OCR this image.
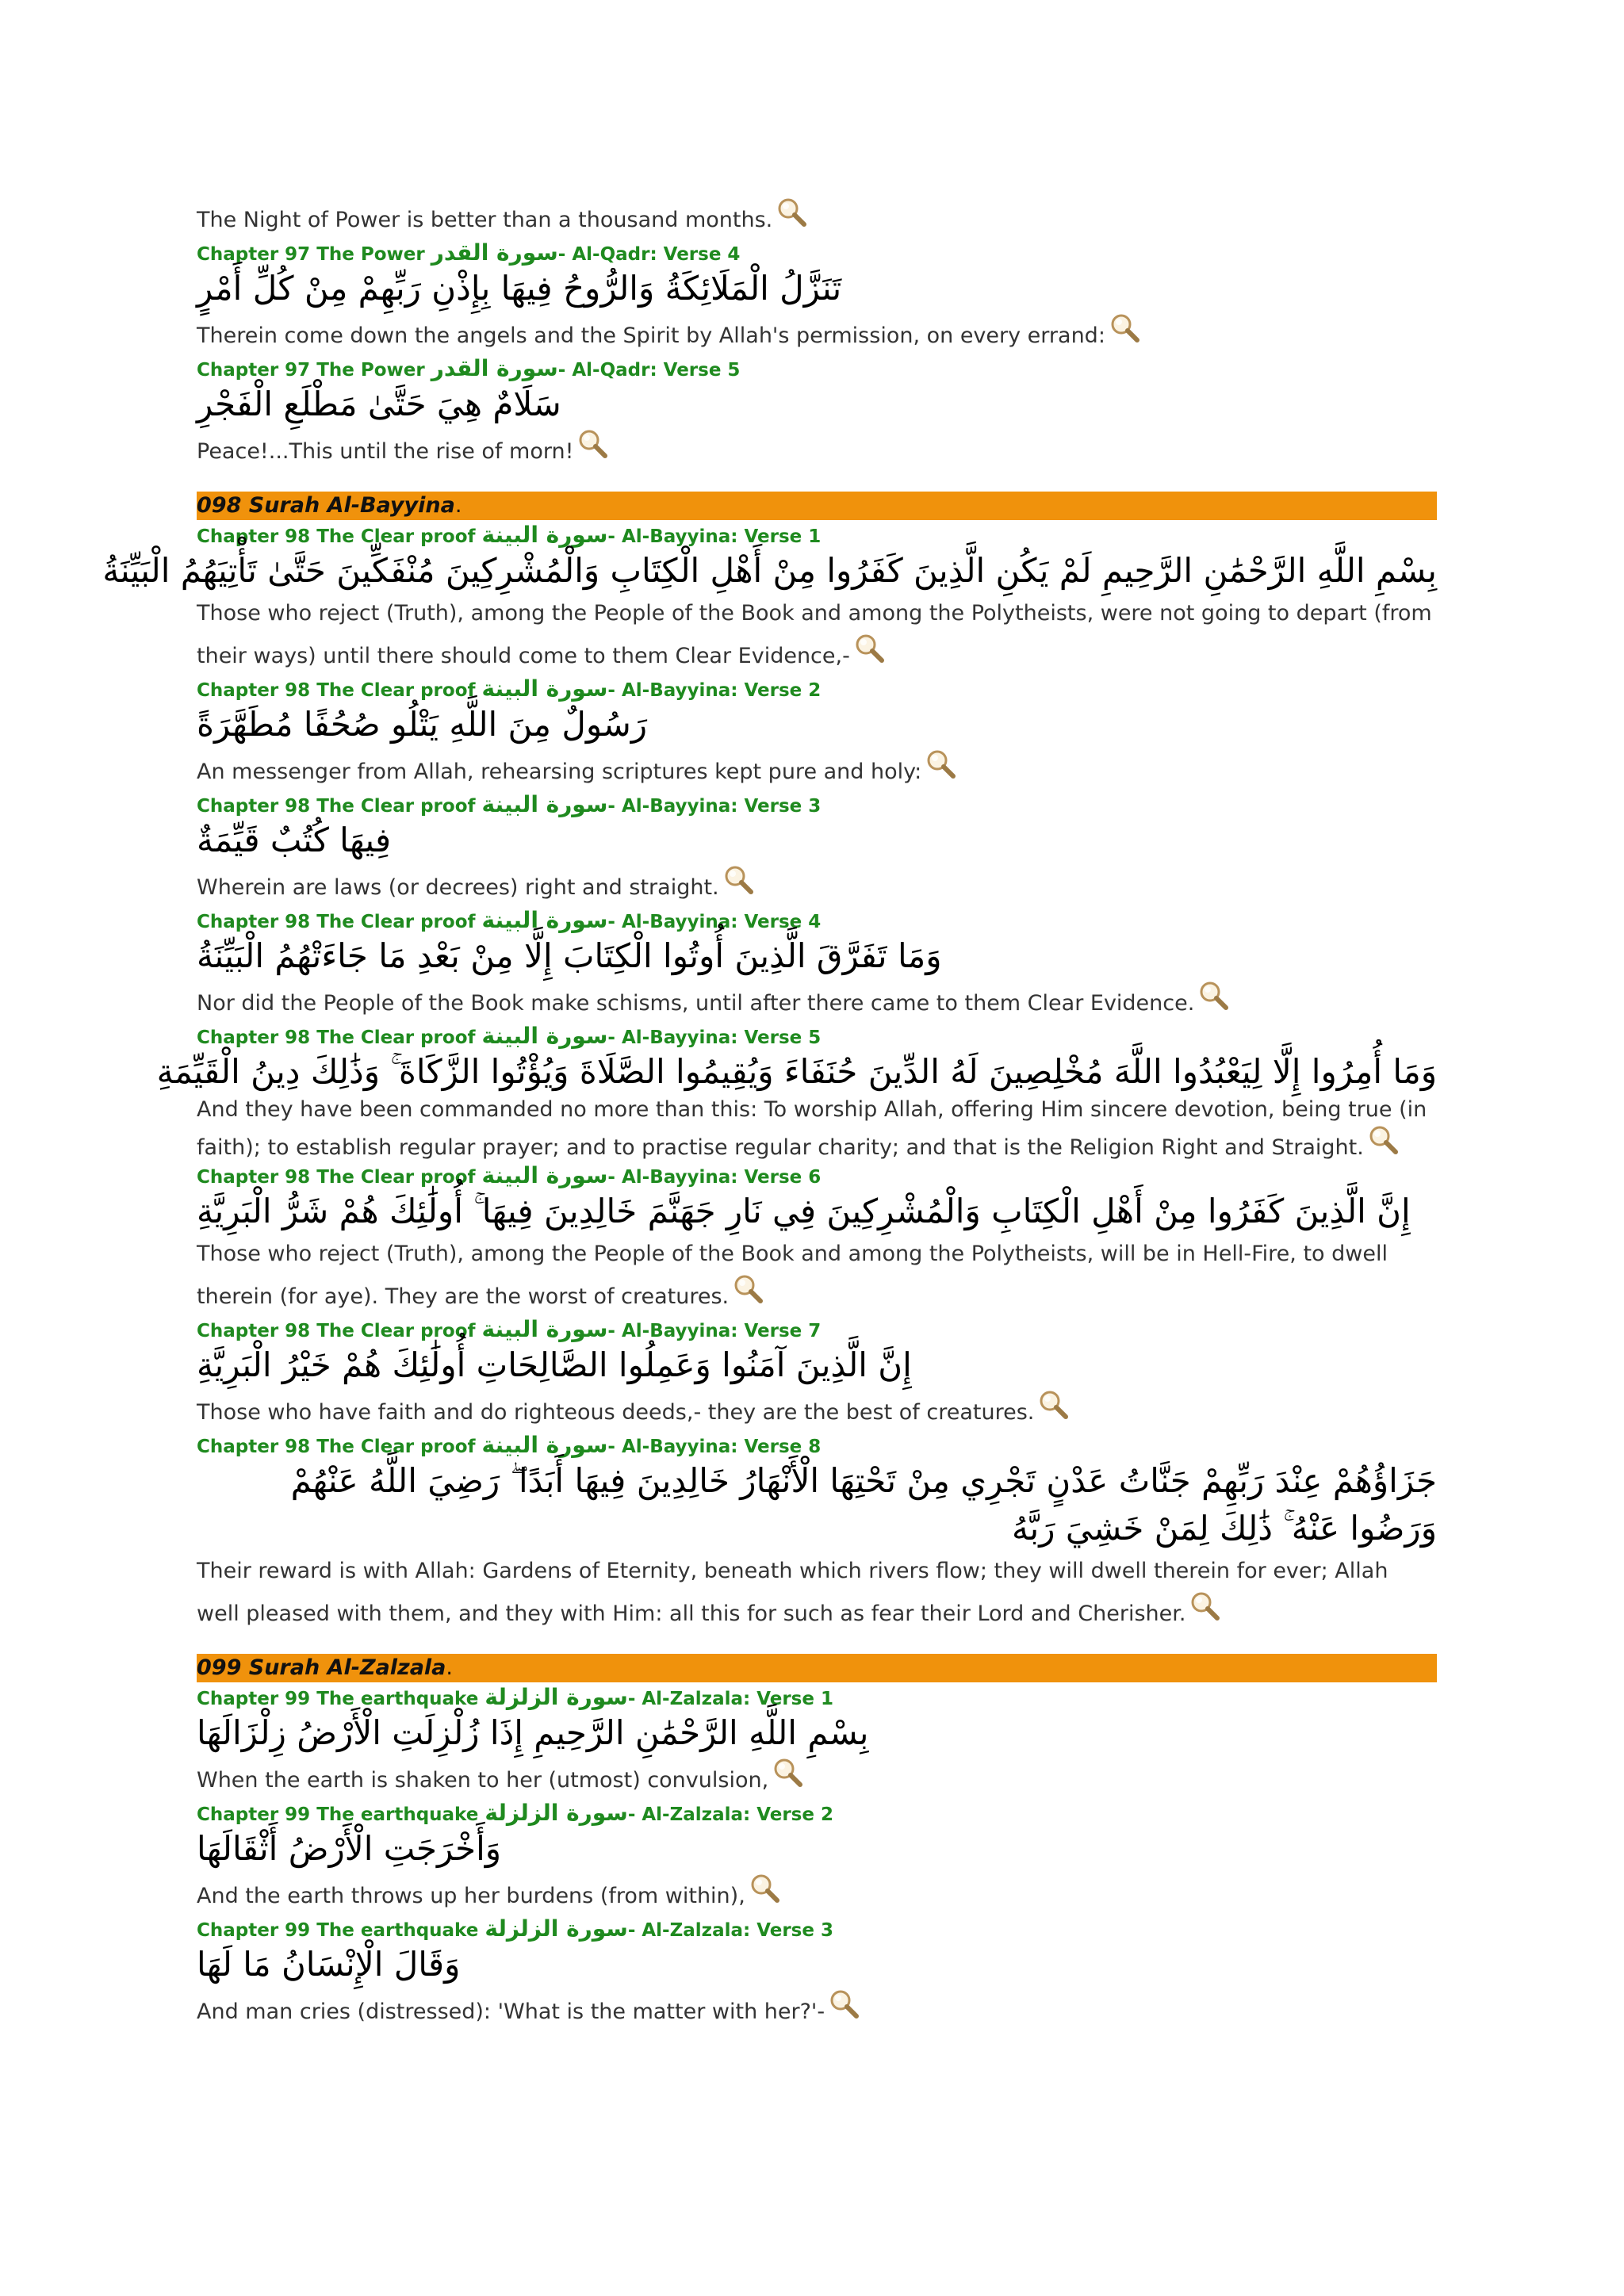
The Night of Power is better than a thousand months.
Chapter 97 The Power سورة القدر- Al-Qadr: Verse 4
تَنَزَّلُ الْمَلَائِكَةُ وَالرُّوحُ فِيهَا بِإِذْنِ رَبِّهِمْ مِنْ كُلِّ أَمْرٍ
Therein come down the angels and the Spirit by Allah's permission, on every errand:
Chapter 97 The Power سورة القدر- Al-Qadr: Verse 5
سَلَامٌ هِيَ حَتَّىٰ مَطْلَعِ الْفَجْرِ
Peace!...This until the rise of morn!
098 Surah Al-Bayyina.
Chapter 98 The Clear proof سورة البينة- Al-Bayyina: Verse 1
بِسْمِ اللَّهِ الرَّحْمَٰنِ الرَّحِيمِ لَمْ يَكُنِ الَّذِينَ كَفَرُوا مِنْ أَهْلِ الْكِتَابِ وَالْمُشْرِكِينَ مُنْفَكِّينَ حَتَّىٰ تَأْتِيَهُمُ الْبَيِّنَةُ
Those who reject (Truth), among the People of the Book and among the Polytheists, were not going to depart (from their ways) until there should come to them Clear Evidence,-
Chapter 98 The Clear proof سورة البينة- Al-Bayyina: Verse 2
رَسُولٌ مِنَ اللَّهِ يَتْلُو صُحُفًا مُطَهَّرَةً
An messenger from Allah, rehearsing scriptures kept pure and holy:
Chapter 98 The Clear proof سورة البينة- Al-Bayyina: Verse 3
فِيهَا كُتُبٌ قَيِّمَةٌ
Wherein are laws (or decrees) right and straight.
Chapter 98 The Clear proof سورة البينة- Al-Bayyina: Verse 4
وَمَا تَفَرَّقَ الَّذِينَ أُوتُوا الْكِتَابَ إِلَّا مِنْ بَعْدِ مَا جَاءَتْهُمُ الْبَيِّنَةُ
Nor did the People of the Book make schisms, until after there came to them Clear Evidence.
Chapter 98 The Clear proof سورة البينة- Al-Bayyina: Verse 5
وَمَا أُمِرُوا إِلَّا لِيَعْبُدُوا اللَّهَ مُخْلِصِينَ لَهُ الدِّينَ حُنَفَاءَ وَيُقِيمُوا الصَّلَاةَ وَيُؤْتُوا الزَّكَاةَ ۚ وَذَٰلِكَ دِينُ الْقَيِّمَةِ
And they have been commanded no more than this: To worship Allah, offering Him sincere devotion, being true (in faith); to establish regular prayer; and to practise regular charity; and that is the Religion Right and Straight.
Chapter 98 The Clear proof سورة البينة- Al-Bayyina: Verse 6
إِنَّ الَّذِينَ كَفَرُوا مِنْ أَهْلِ الْكِتَابِ وَالْمُشْرِكِينَ فِي نَارِ جَهَنَّمَ خَالِدِينَ فِيهَا ۚ أُولَٰئِكَ هُمْ شَرُّ الْبَرِيَّةِ
Those who reject (Truth), among the People of the Book and among the Polytheists, will be in Hell-Fire, to dwell therein (for aye). They are the worst of creatures.
Chapter 98 The Clear proof سورة البينة- Al-Bayyina: Verse 7
إِنَّ الَّذِينَ آمَنُوا وَعَمِلُوا الصَّالِحَاتِ أُولَٰئِكَ هُمْ خَيْرُ الْبَرِيَّةِ
Those who have faith and do righteous deeds,- they are the best of creatures.
Chapter 98 The Clear proof سورة البينة- Al-Bayyina: Verse 8
جَزَاؤُهُمْ عِنْدَ رَبِّهِمْ جَنَّاتُ عَدْنٍ تَجْرِي مِنْ تَحْتِهَا الْأَنْهَارُ خَالِدِينَ فِيهَا أَبَدًا ۖ رَضِيَ اللَّهُ عَنْهُمْ وَرَضُوا عَنْهُ ۚ ذَٰلِكَ لِمَنْ خَشِيَ رَبَّهُ
Their reward is with Allah: Gardens of Eternity, beneath which rivers flow; they will dwell therein for ever; Allah well pleased with them, and they with Him: all this for such as fear their Lord and Cherisher.
099 Surah Al-Zalzala.
Chapter 99 The earthquake سورة الزلزلة- Al-Zalzala: Verse 1
بِسْمِ اللَّهِ الرَّحْمَٰنِ الرَّحِيمِ إِذَا زُلْزِلَتِ الْأَرْضُ زِلْزَالَهَا
When the earth is shaken to her (utmost) convulsion,
Chapter 99 The earthquake سورة الزلزلة- Al-Zalzala: Verse 2
وَأَخْرَجَتِ الْأَرْضُ أَثْقَالَهَا
And the earth throws up her burdens (from within),
Chapter 99 The earthquake سورة الزلزلة- Al-Zalzala: Verse 3
وَقَالَ الْإِنْسَانُ مَا لَهَا
And man cries (distressed): 'What is the matter with her?'-
